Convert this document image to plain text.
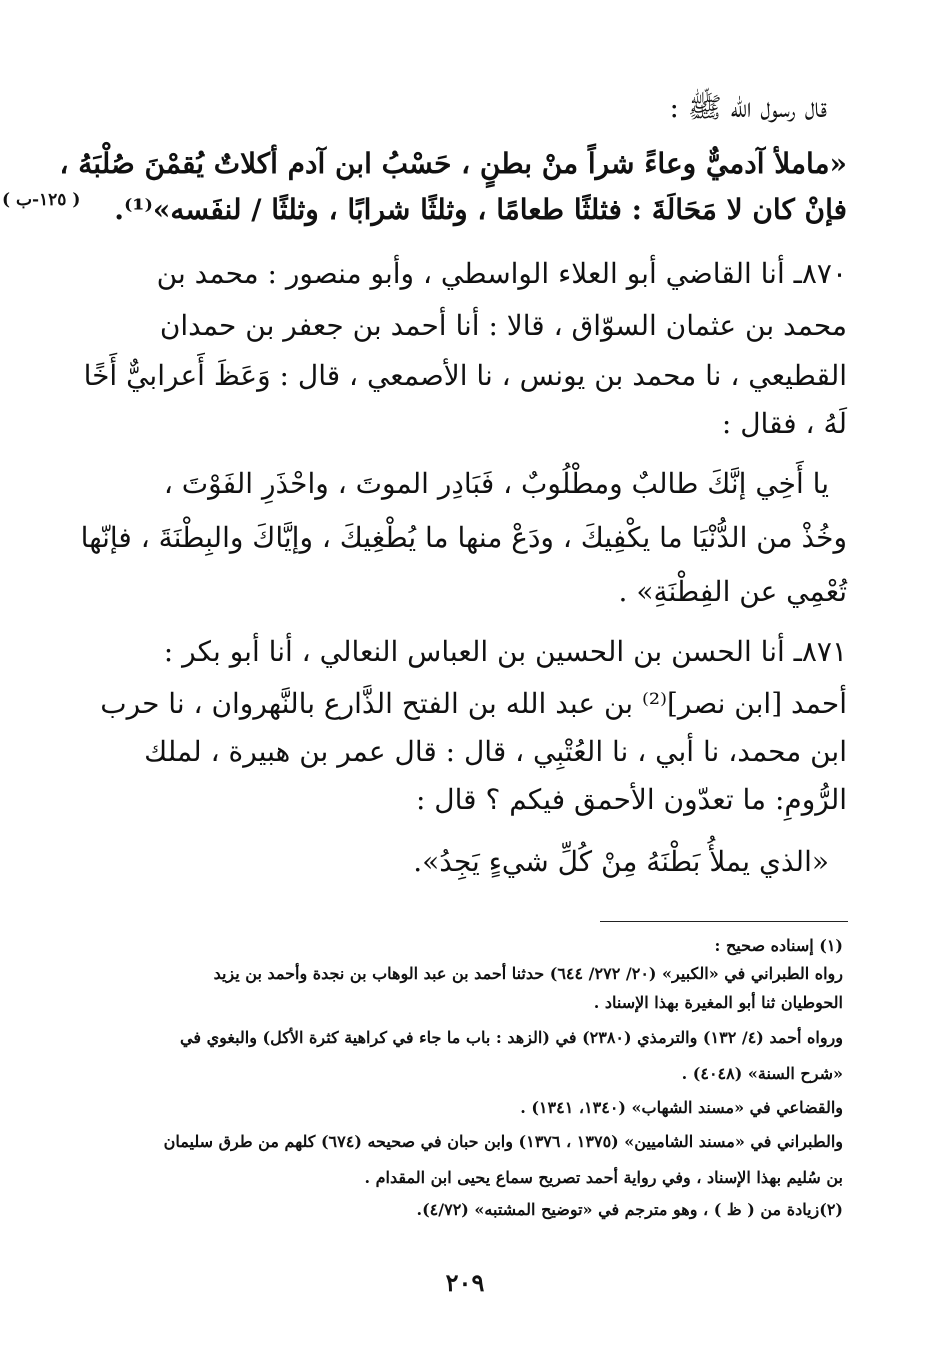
( ١٢٥-ب )
قال رسول الله ﷺ :
«ماملأ آدميٌّ وعاءً شراً منْ بطنٍ ، حَسْبُ ابن آدم أكلاتٌ يُقمْنَ صُلْبَهُ ،
فإنْ كان لا مَحَالَةَ : فثلثًا طعامًا ، وثلثًا شرابًا ، وثلثًا / لنفَسه»⁽¹⁾.
٨٧٠ـ أنا القاضي أبو العلاء الواسطي ، وأبو منصور : محمد بن
محمد بن عثمان السوّاق ، قالا : أنا أحمد بن جعفر بن حمدان
القطيعي ، نا محمد بن يونس ، نا الأصمعي ، قال : وَعَظَ أَعرابيٌّ أَخًا
لَهُ ، فقال :
يا أَخِي إنَّكَ طالبٌ ومطْلُوبٌ ، فَبَادِر الموتَ ، واحْذَرِ الفَوْتَ ،
وخُذْ من الدُّنْيَا ما يكْفِيكَ ، ودَعْ منها ما يُطْغِيكَ ، وإيَّاكَ والبِطْنَةَ ، فإنّها
تُعْمِي عن الفِطْنَةِ» .
٨٧١ـ أنا الحسن بن الحسين بن العباس النعالي ، أنا أبو بكر :
أحمد [ابن نصر]⁽²⁾ بن عبد الله بن الفتح الذَّارع بالنَّهروان ، نا حرب
ابن محمد، نا أبي ، نا العُتْبِي ، قال : قال عمر بن هبيرة ، لملك
الرُّومِ: ما تعدّون الأحمق فيكم ؟ قال :
«الذي يملأُ بَطْنَهُ مِنْ كُلِّ شيءٍ يَجِدُ».
(١) إسناده صحيح :
رواه الطبراني في «الكبير» (٢٠/ ٢٧٢/ ٦٤٤) حدثنا أحمد بن عبد الوهاب بن نجدة وأحمد بن يزيد
الحوطيان ثنا أبو المغيرة بهذا الإسناد .
ورواه أحمد (٤/ ١٣٢) والترمذي (٢٣٨٠) في (الزهد : باب ما جاء في كراهية كثرة الأكل) والبغوي في
«شرح السنة» (٤٠٤٨) .
والقضاعي في «مسند الشهاب» (١٣٤٠، ١٣٤١) .
والطبراني في «مسند الشاميين» (١٣٧٥ ، ١٣٧٦) وابن حبان في صحيحه (٦٧٤) كلهم من طرق سليمان
بن سُليم بهذا الإسناد ، وفي رواية أحمد تصريح سماع يحيى ابن المقدام .
(٢)زيادة من ( ظ ) ، وهو مترجم في «توضيح المشتبه» (٤/٧٢).
٢٠٩
